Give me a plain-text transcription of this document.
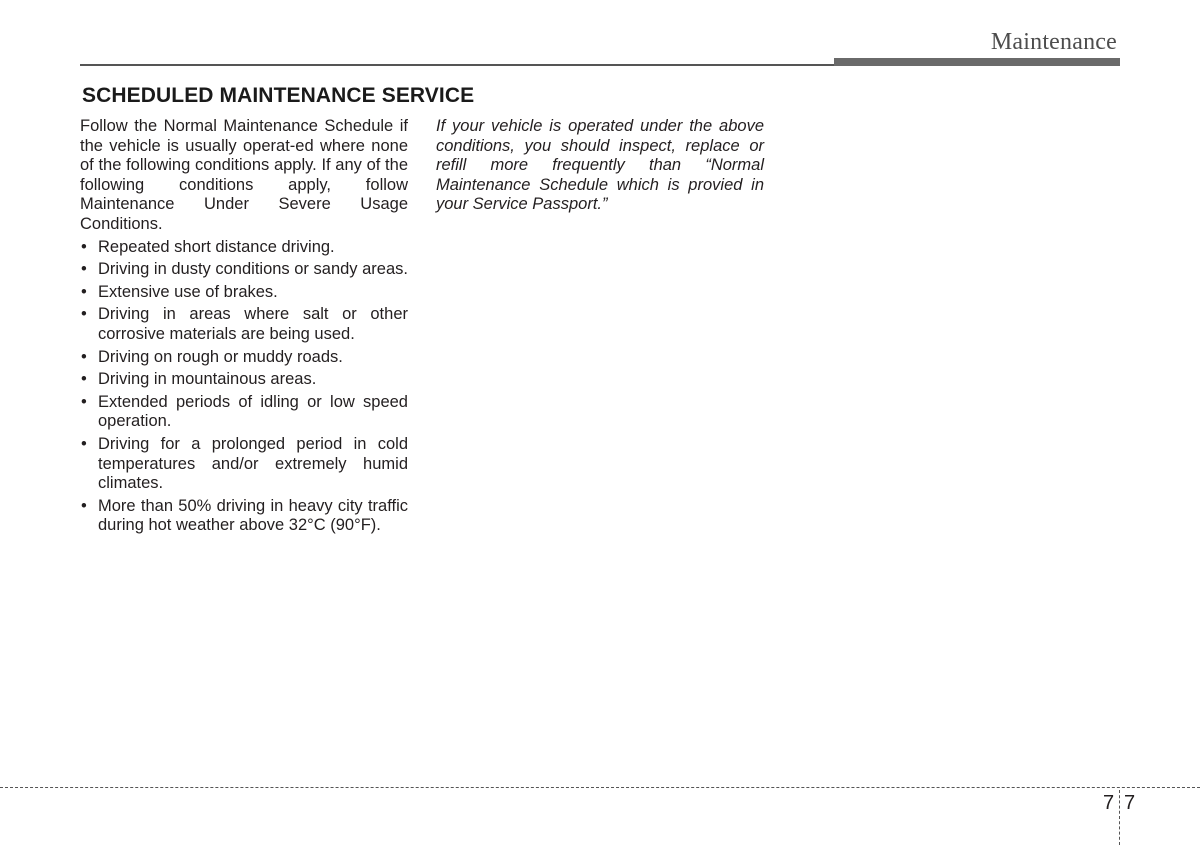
Maintenance
SCHEDULED MAINTENANCE SERVICE

Follow the Normal Maintenance Schedule if the vehicle is usually operat-ed where none of the following conditions apply. If any of the following conditions apply, follow Maintenance Under Severe Usage Conditions.

• Repeated short distance driving.
• Driving in dusty conditions or sandy areas.
• Extensive use of brakes.
• Driving in areas where salt or other corrosive materials are being used.
• Driving on rough or muddy roads.
• Driving in mountainous areas.
• Extended periods of idling or low speed operation.
• Driving for a prolonged period in cold temperatures and/or extremely humid climates.
• More than 50% driving in heavy city traffic during hot weather above 32°C (90°F).

If your vehicle is operated under the above conditions, you should inspect, replace or refill more frequently than “Normal Maintenance Schedule which is provied in your Service Passport.”

7 7
